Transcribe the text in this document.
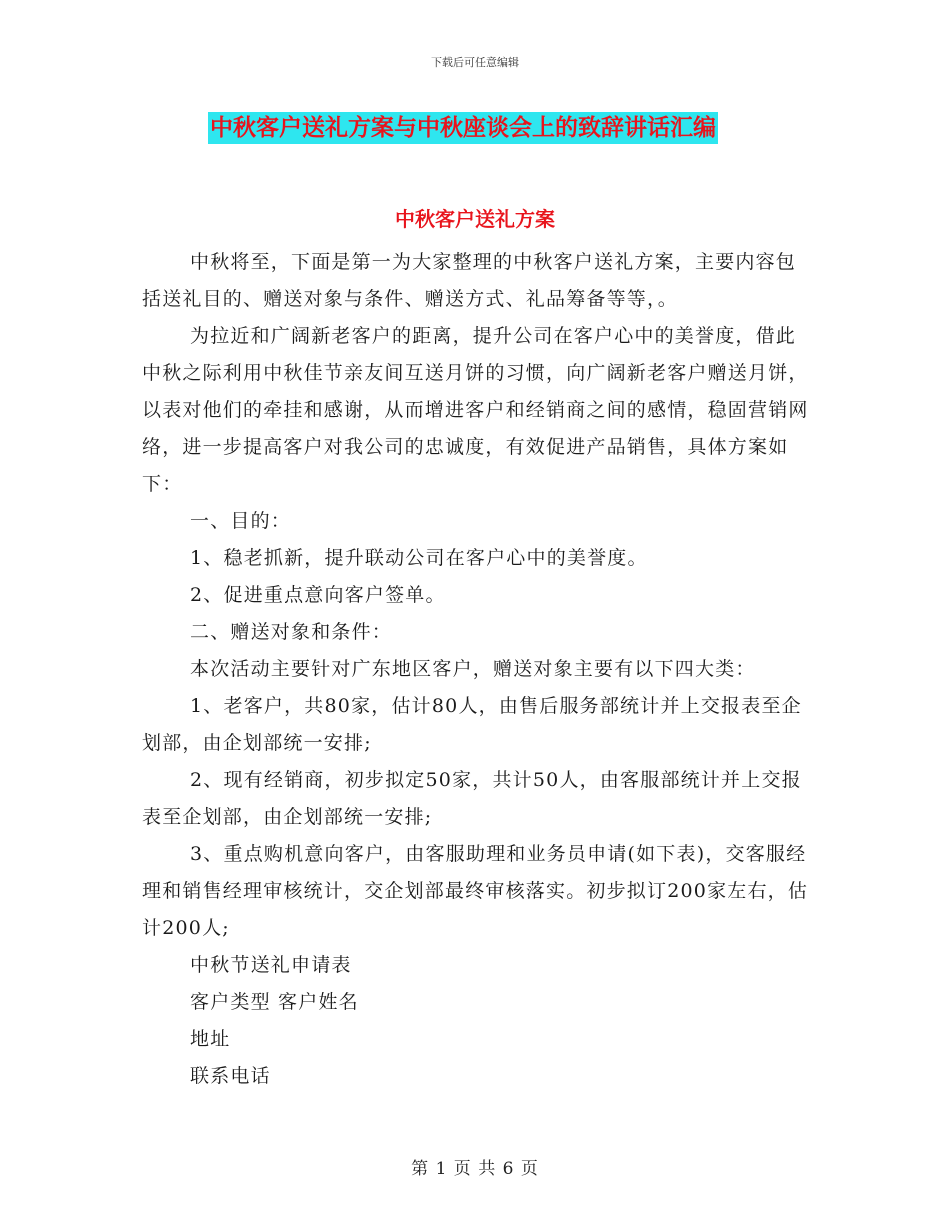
下载后可任意编辑
中秋客户送礼方案与中秋座谈会上的致辞讲话汇编
中秋客户送礼方案

中秋将至，下面是第一为大家整理的中秋客户送礼方案，主要内容包括送礼目的、赠送对象与条件、赠送方式、礼品筹备等等，。

为拉近和广阔新老客户的距离，提升公司在客户心中的美誉度，借此中秋之际利用中秋佳节亲友间互送月饼的习惯，向广阔新老客户赠送月饼，以表对他们的牵挂和感谢，从而增进客户和经销商之间的感情，稳固营销网络，进一步提高客户对我公司的忠诚度，有效促进产品销售，具体方案如下：

一、目的：

1、稳老抓新，提升联动公司在客户心中的美誉度。

2、促进重点意向客户签单。

二、赠送对象和条件：

本次活动主要针对广东地区客户，赠送对象主要有以下四大类：

1、老客户，共80家，估计80人，由售后服务部统计并上交报表至企划部，由企划部统一安排;

2、现有经销商，初步拟定50家，共计50人，由客服部统计并上交报表至企划部，由企划部统一安排;

3、重点购机意向客户，由客服助理和业务员申请(如下表)，交客服经理和销售经理审核统计，交企划部最终审核落实。初步拟订200家左右，估计200人;

中秋节送礼申请表

客户类型 客户姓名

地址

联系电话

第 1 页 共 6 页
